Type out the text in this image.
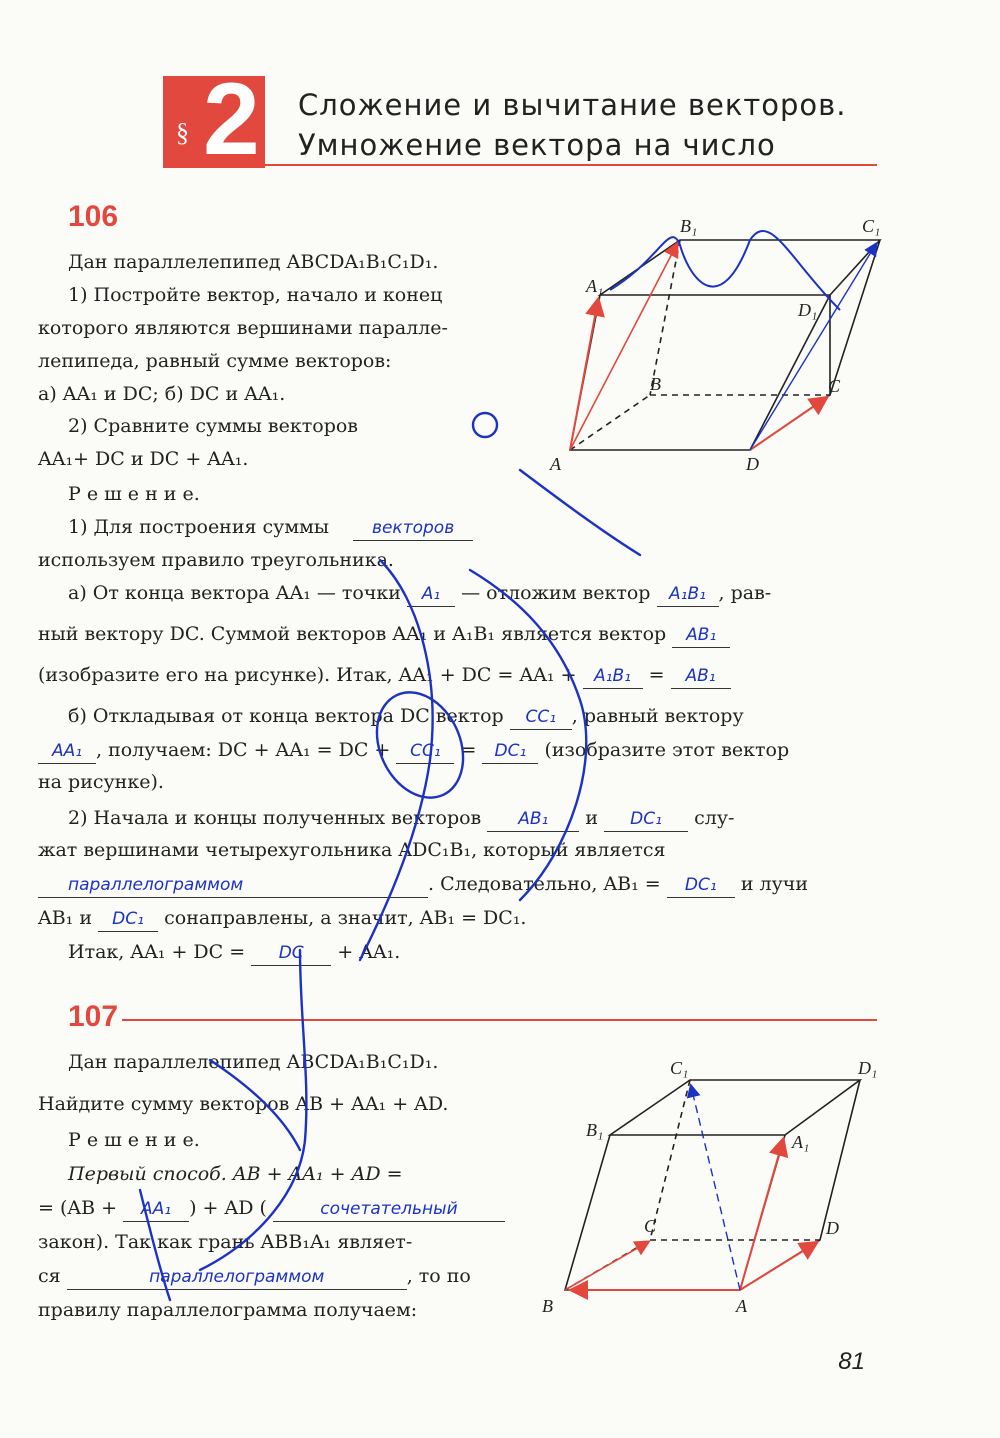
§ 2 Сложение и вычитание векторов.
Умножение вектора на число
106
Дан параллелепипед ABCDA₁B₁C₁D₁.
1) Постройте вектор, начало и конец
которого являются вершинами паралле-
лепипеда, равный сумме векторов:
а) AA₁ и DC; б) DC и AA₁.
2) Сравните суммы векторов
AA₁+ DC и DC + AA₁.
Р е ш е н и е.
1) Для построения суммы	векторов
используем правило треугольника.
а) От конца вектора AA₁ — точки A₁ — отложим вектор A₁B₁ , рав-
ный вектору DC. Суммой векторов AA₁ и A₁B₁ является вектор AB₁
(изобразите его на рисунке). Итак, AA₁ + DC = AA₁ + A₁B₁ = AB₁
б) Откладывая от конца вектора DC вектор CC₁ , равный вектору
AA₁ , получаем: DC + AA₁ = DC + CC₁ = DC₁ (изобразите этот вектор
на рисунке).
2) Начала и концы полученных векторов AB₁ и DC₁ слу-
жат вершинами четырехугольника ADC₁B₁, который является
параллелограммом	. Следовательно, AB₁ = DC₁ и лучи
AB₁ и DC₁ сонаправлены, а значит, AB₁ = DC₁.
Итак, AA₁ + DC = DC + AA₁.
107
Дан параллелепипед ABCDA₁B₁C₁D₁.
Найдите сумму векторов AB + AA₁ + AD.
Р е ш е н и е.
Первый способ. AB + AA₁ + AD =
= (AB + AA₁ ) + AD (	сочетательный
закон). Так как грань ABB₁A₁ являет-
ся	параллелограммом	, то по
правилу параллелограмма получаем:
B₁	C₁
A₁
D₁
B	C
A	D
C₁	D₁
B₁
A₁
C	D
B	A
81
